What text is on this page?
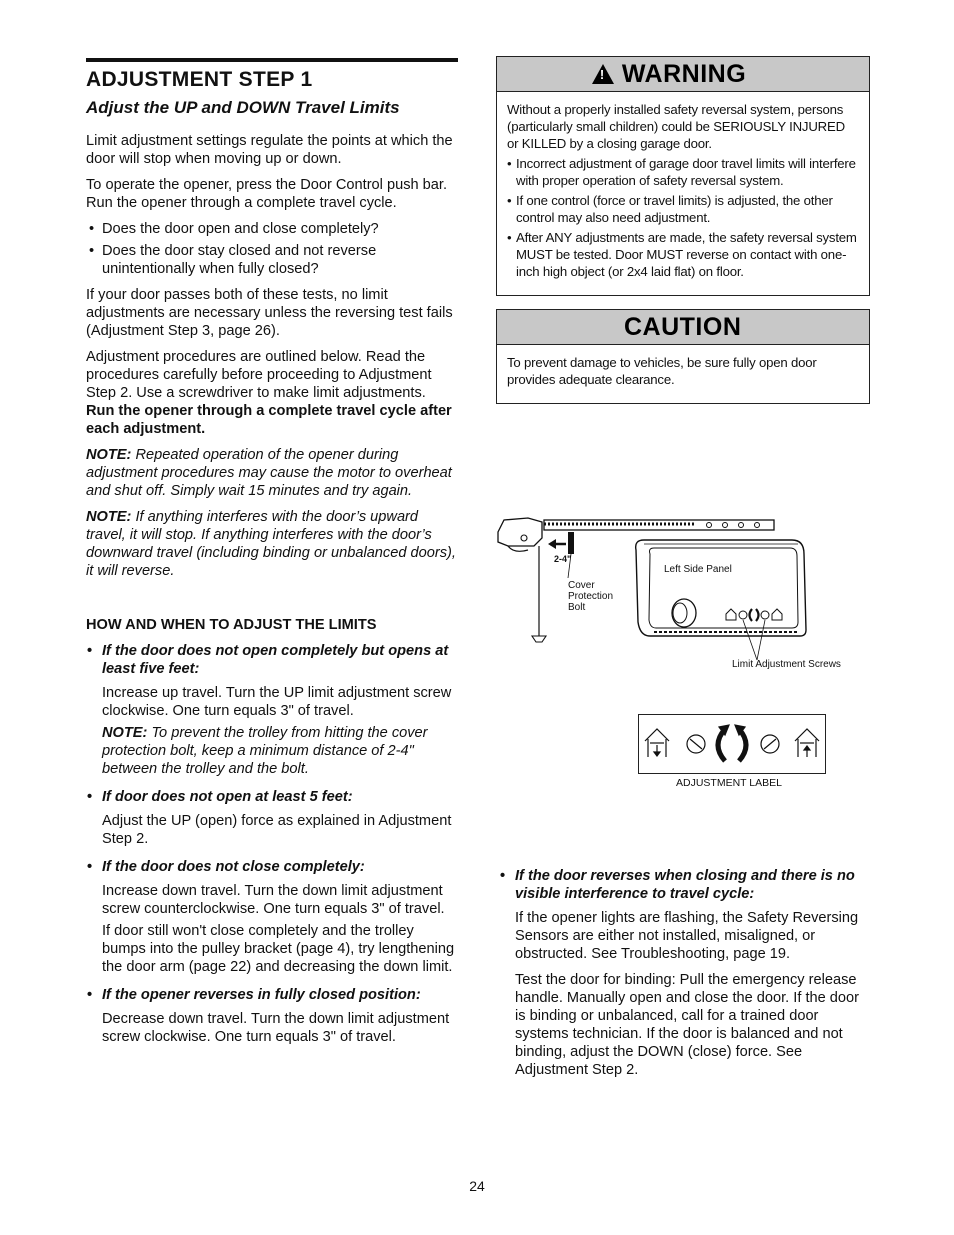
ADJUSTMENT STEP 1
Adjust the UP and DOWN Travel Limits

Limit adjustment settings regulate the points at which the door will stop when moving up or down.

To operate the opener, press the Door Control push bar. Run the opener through a complete travel cycle.

• Does the door open and close completely?
• Does the door stay closed and not reverse unintentionally when fully closed?

If your door passes both of these tests, no limit adjustments are necessary unless the reversing test fails (Adjustment Step 3, page 26).

Adjustment procedures are outlined below. Read the procedures carefully before proceeding to Adjustment Step 2. Use a screwdriver to make limit adjustments. Run the opener through a complete travel cycle after each adjustment.

NOTE: Repeated operation of the opener during adjustment procedures may cause the motor to overheat and shut off. Simply wait 15 minutes and try again.
NOTE: If anything interferes with the door’s upward travel, it will stop. If anything interferes with the door’s downward travel (including binding or unbalanced doors), it will reverse.
HOW AND WHEN TO ADJUST THE LIMITS
• If the door does not open completely but opens at least five feet:
Increase up travel. Turn the UP limit adjustment screw clockwise. One turn equals 3" of travel.
NOTE: To prevent the trolley from hitting the cover protection bolt, keep a minimum distance of 2-4" between the trolley and the bolt.
• If door does not open at least 5 feet:
Adjust the UP (open) force as explained in Adjustment Step 2.
• If the door does not close completely:
Increase down travel. Turn the down limit adjustment screw counterclockwise. One turn equals 3" of travel.
If door still won't close completely and the trolley bumps into the pulley bracket (page 4), try lengthening the door arm (page 22) and decreasing the down limit.
• If the opener reverses in fully closed position:
Decrease down travel. Turn the down limit adjustment screw clockwise. One turn equals 3" of travel.
! WARNING

Without a properly installed safety reversal system, persons (particularly small children) could be SERIOUSLY INJURED or KILLED by a closing garage door.

• Incorrect adjustment of garage door travel limits will interfere with proper operation of safety reversal system.
• If one control (force or travel limits) is adjusted, the other control may also need adjustment.
• After ANY adjustments are made, the safety reversal system MUST be tested. Door MUST reverse on contact with one-inch high object (or 2x4 laid flat) on floor.
CAUTION

To prevent damage to vehicles, be sure fully open door provides adequate clearance.

2-4"
Cover Protection Bolt
Left Side Panel
Limit Adjustment Screws
ADJUSTMENT LABEL
• If the door reverses when closing and there is no visible interference to travel cycle:
If the opener lights are flashing, the Safety Reversing Sensors are either not installed, misaligned, or obstructed. See Troubleshooting, page 19.
Test the door for binding: Pull the emergency release handle. Manually open and close the door. If the door is binding or unbalanced, call for a trained door systems technician. If the door is balanced and not binding, adjust the DOWN (close) force. See Adjustment Step 2.
24
